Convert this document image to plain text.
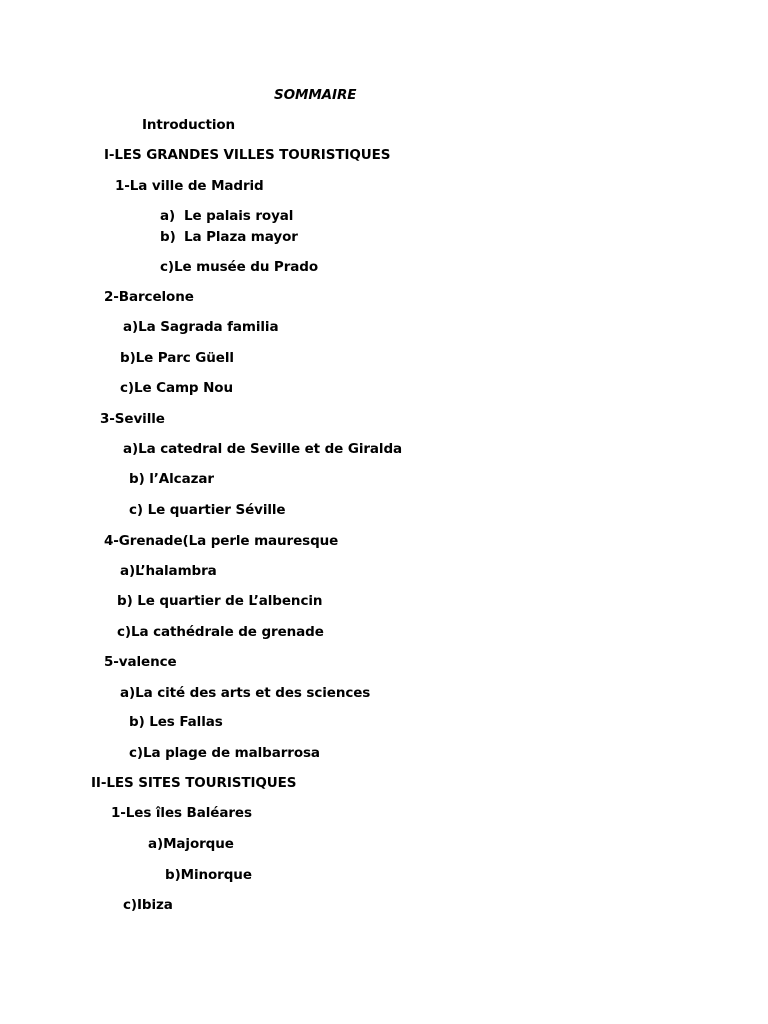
SOMMAIRE
Introduction
I-LES GRANDES VILLES TOURISTIQUES
1-La ville de Madrid
a) Le palais royal
b) La Plaza mayor
c)Le musée du Prado
2-Barcelone
a)La Sagrada familia
b)Le Parc Güell
c)Le Camp Nou
3-Seville
a)La catedral de Seville et de Giralda
b) l’Alcazar
c) Le quartier Séville
4-Grenade(La perle mauresque
a)L’halambra
b) Le quartier de L’albencin
c)La cathédrale de grenade
5-valence
a)La cité des arts et des sciences
b) Les Fallas
c)La plage de malbarrosa
II-LES SITES TOURISTIQUES
1-Les îles Baléares
a)Majorque
b)Minorque
c)Ibiza
